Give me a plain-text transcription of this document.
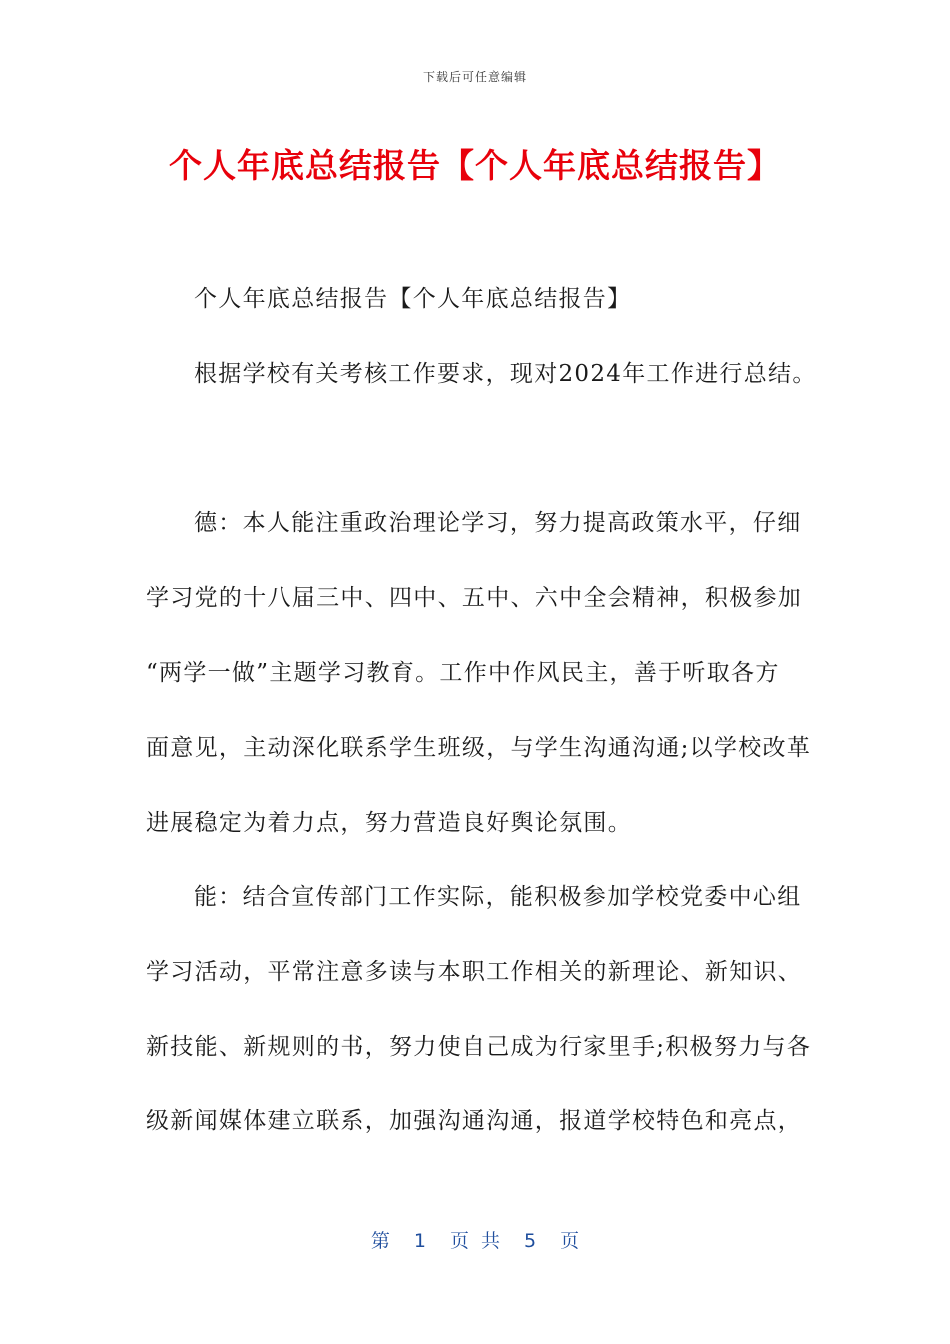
下载后可任意编辑
个人年底总结报告【个人年底总结报告】
个人年底总结报告【个人年底总结报告】
根据学校有关考核工作要求，现对2024年工作进行总结。
德：本人能注重政治理论学习，努力提高政策水平，仔细
学习党的十八届三中、四中、五中、六中全会精神，积极参加
“两学一做”主题学习教育。工作中作风民主，善于听取各方
面意见，主动深化联系学生班级，与学生沟通沟通;以学校改革
进展稳定为着力点，努力营造良好舆论氛围。
能：结合宣传部门工作实际，能积极参加学校党委中心组
学习活动，平常注意多读与本职工作相关的新理论、新知识、
新技能、新规则的书，努力使自己成为行家里手;积极努力与各
级新闻媒体建立联系，加强沟通沟通，报道学校特色和亮点，
第 1 页 共 5 页
